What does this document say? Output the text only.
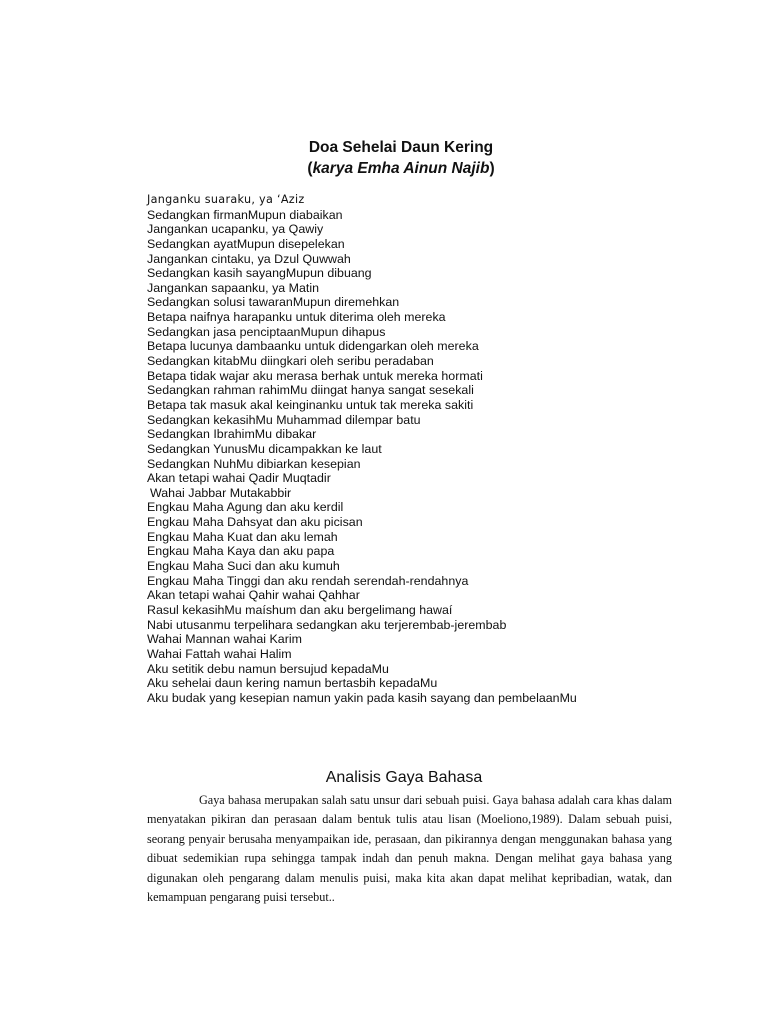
Doa Sehelai Daun Kering
(karya Emha Ainun Najib)
Janganku suaraku, ya ‘Aziz
Sedangkan firmanMupun diabaikan
Jangankan ucapanku, ya Qawiy
Sedangkan ayatMupun disepelekan
Jangankan cintaku, ya Dzul Quwwah
Sedangkan kasih sayangMupun dibuang
Jangankan sapaanku, ya Matin
Sedangkan solusi tawaranMupun diremehkan
Betapa naifnya harapanku untuk diterima oleh mereka
Sedangkan jasa penciptaanMupun dihapus
Betapa lucunya dambaanku untuk didengarkan oleh mereka
Sedangkan kitabMu diingkari oleh seribu peradaban
Betapa tidak wajar aku merasa berhak untuk mereka hormati
Sedangkan rahman rahimMu diingat hanya sangat sesekali
Betapa tak masuk akal keinginanku untuk tak mereka sakiti
Sedangkan kekasihMu Muhammad dilempar batu
Sedangkan IbrahimMu dibakar
Sedangkan YunusMu dicampakkan ke laut
Sedangkan NuhMu dibiarkan kesepian
Akan tetapi wahai Qadir Muqtadir
Wahai Jabbar Mutakabbir
Engkau Maha Agung dan aku kerdil
Engkau Maha Dahsyat dan aku picisan
Engkau Maha Kuat dan aku lemah
Engkau Maha Kaya dan aku papa
Engkau Maha Suci dan aku kumuh
Engkau Maha Tinggi dan aku rendah serendah-rendahnya
Akan tetapi wahai Qahir wahai Qahhar
Rasul kekasihMu maíshum dan aku bergelimang hawaí
Nabi utusanmu terpelihara sedangkan aku terjerembab-jerembab
Wahai Mannan wahai Karim
Wahai Fattah wahai Halim
Aku setitik debu namun bersujud kepadaMu
Aku sehelai daun kering namun bertasbih kepadaMu
Aku budak yang kesepian namun yakin pada kasih sayang dan pembelaanMu
Analisis Gaya Bahasa

Gaya bahasa merupakan salah satu unsur dari sebuah puisi. Gaya bahasa adalah cara khas dalam menyatakan pikiran dan perasaan dalam bentuk tulis atau lisan (Moeliono,1989). Dalam sebuah puisi, seorang penyair berusaha menyampaikan ide, perasaan, dan pikirannya dengan menggunakan bahasa yang dibuat sedemikian rupa sehingga tampak indah dan penuh makna. Dengan melihat gaya bahasa yang digunakan oleh pengarang dalam menulis puisi, maka kita akan dapat melihat kepribadian, watak, dan kemampuan pengarang puisi tersebut..
